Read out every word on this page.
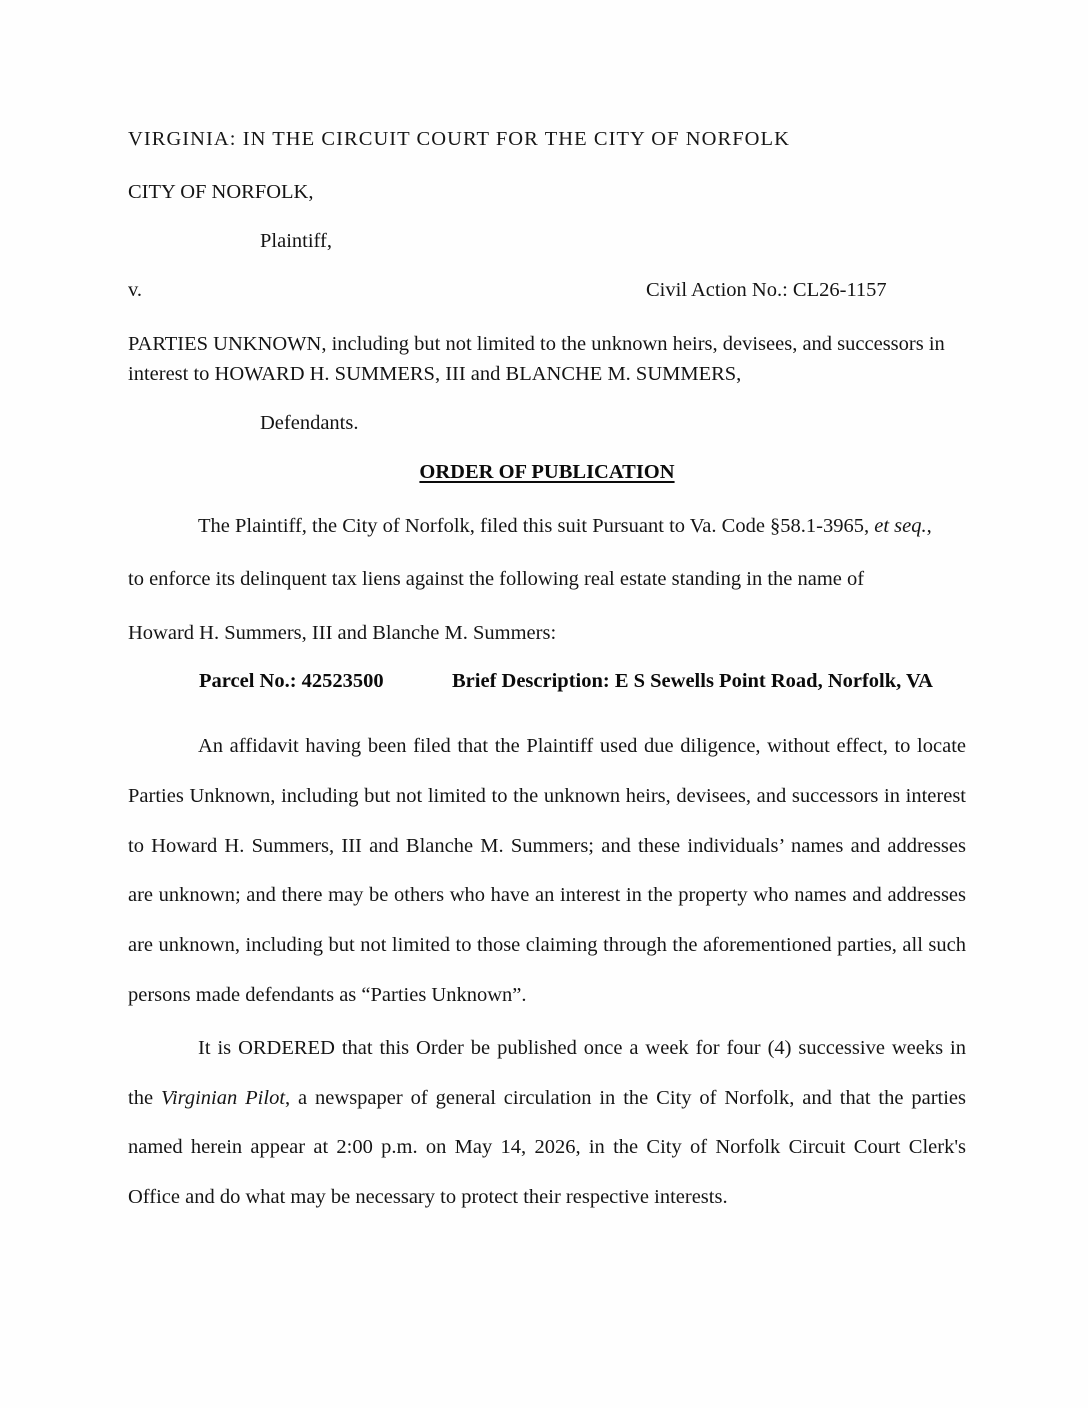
VIRGINIA: IN THE CIRCUIT COURT FOR THE CITY OF NORFOLK
CITY OF NORFOLK,
Plaintiff,
v.	Civil Action No.: CL26-1157
PARTIES UNKNOWN, including but not limited to the unknown heirs, devisees, and successors in interest to HOWARD H. SUMMERS, III and BLANCHE M. SUMMERS,
Defendants.
ORDER OF PUBLICATION

The Plaintiff, the City of Norfolk, filed this suit Pursuant to Va. Code §58.1-3965, et seq.,

to enforce its delinquent tax liens against the following real estate standing in the name of

Howard H. Summers, III and Blanche M. Summers:

Parcel No.: 42523500	Brief Description: E S Sewells Point Road, Norfolk, VA

An affidavit having been filed that the Plaintiff used due diligence, without effect, to locate Parties Unknown, including but not limited to the unknown heirs, devisees, and successors in interest to Howard H. Summers, III and Blanche M. Summers; and these individuals’ names and addresses are unknown; and there may be others who have an interest in the property who names and addresses are unknown, including but not limited to those claiming through the aforementioned parties, all such persons made defendants as “Parties Unknown”.

It is ORDERED that this Order be published once a week for four (4) successive weeks in the Virginian Pilot, a newspaper of general circulation in the City of Norfolk, and that the parties named herein appear at 2:00 p.m. on May 14, 2026, in the City of Norfolk Circuit Court Clerk's Office and do what may be necessary to protect their respective interests.
